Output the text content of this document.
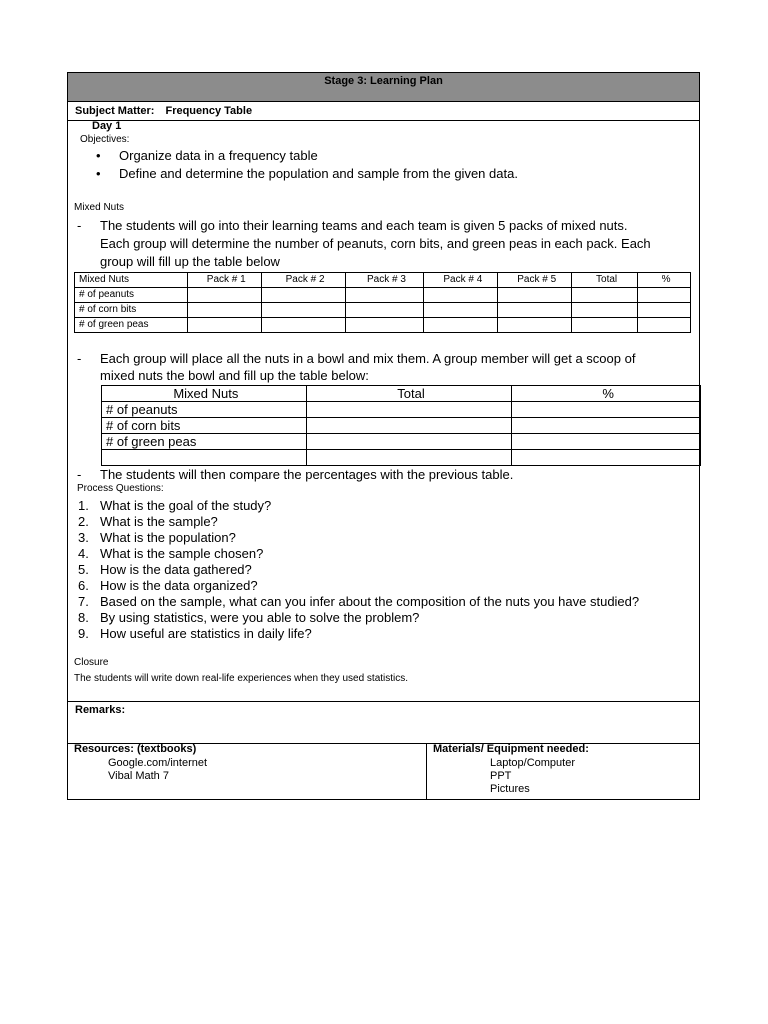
Stage 3: Learning Plan
Subject Matter: Frequency Table
Day 1
Objectives:
• Organize data in a frequency table
• Define and determine the population and sample from the given data.
Mixed Nuts
- The students will go into their learning teams and each team is given 5 packs of mixed nuts.
Each group will determine the number of peanuts, corn bits, and green peas in each pack. Each
group will fill up the table below
Mixed Nuts	Pack # 1	Pack # 2	Pack # 3	Pack # 4	Pack # 5	Total	%
# of peanuts							
# of corn bits							
# of green peas							
- Each group will place all the nuts in a bowl and mix them. A group member will get a scoop of
mixed nuts the bowl and fill up the table below:
Mixed Nuts	Total	%
# of peanuts		
# of corn bits		
# of green peas		

- The students will then compare the percentages with the previous table.
Process Questions:
1. What is the goal of the study?
2. What is the sample?
3. What is the population?
4. What is the sample chosen?
5. How is the data gathered?
6. How is the data organized?
7. Based on the sample, what can you infer about the composition of the nuts you have studied?
8. By using statistics, were you able to solve the problem?
9. How useful are statistics in daily life?
Closure
The students will write down real-life experiences when they used statistics.
Remarks:
Resources: (textbooks)
Google.com/internet
Vibal Math 7
Materials/ Equipment needed:
Laptop/Computer
PPT
Pictures
